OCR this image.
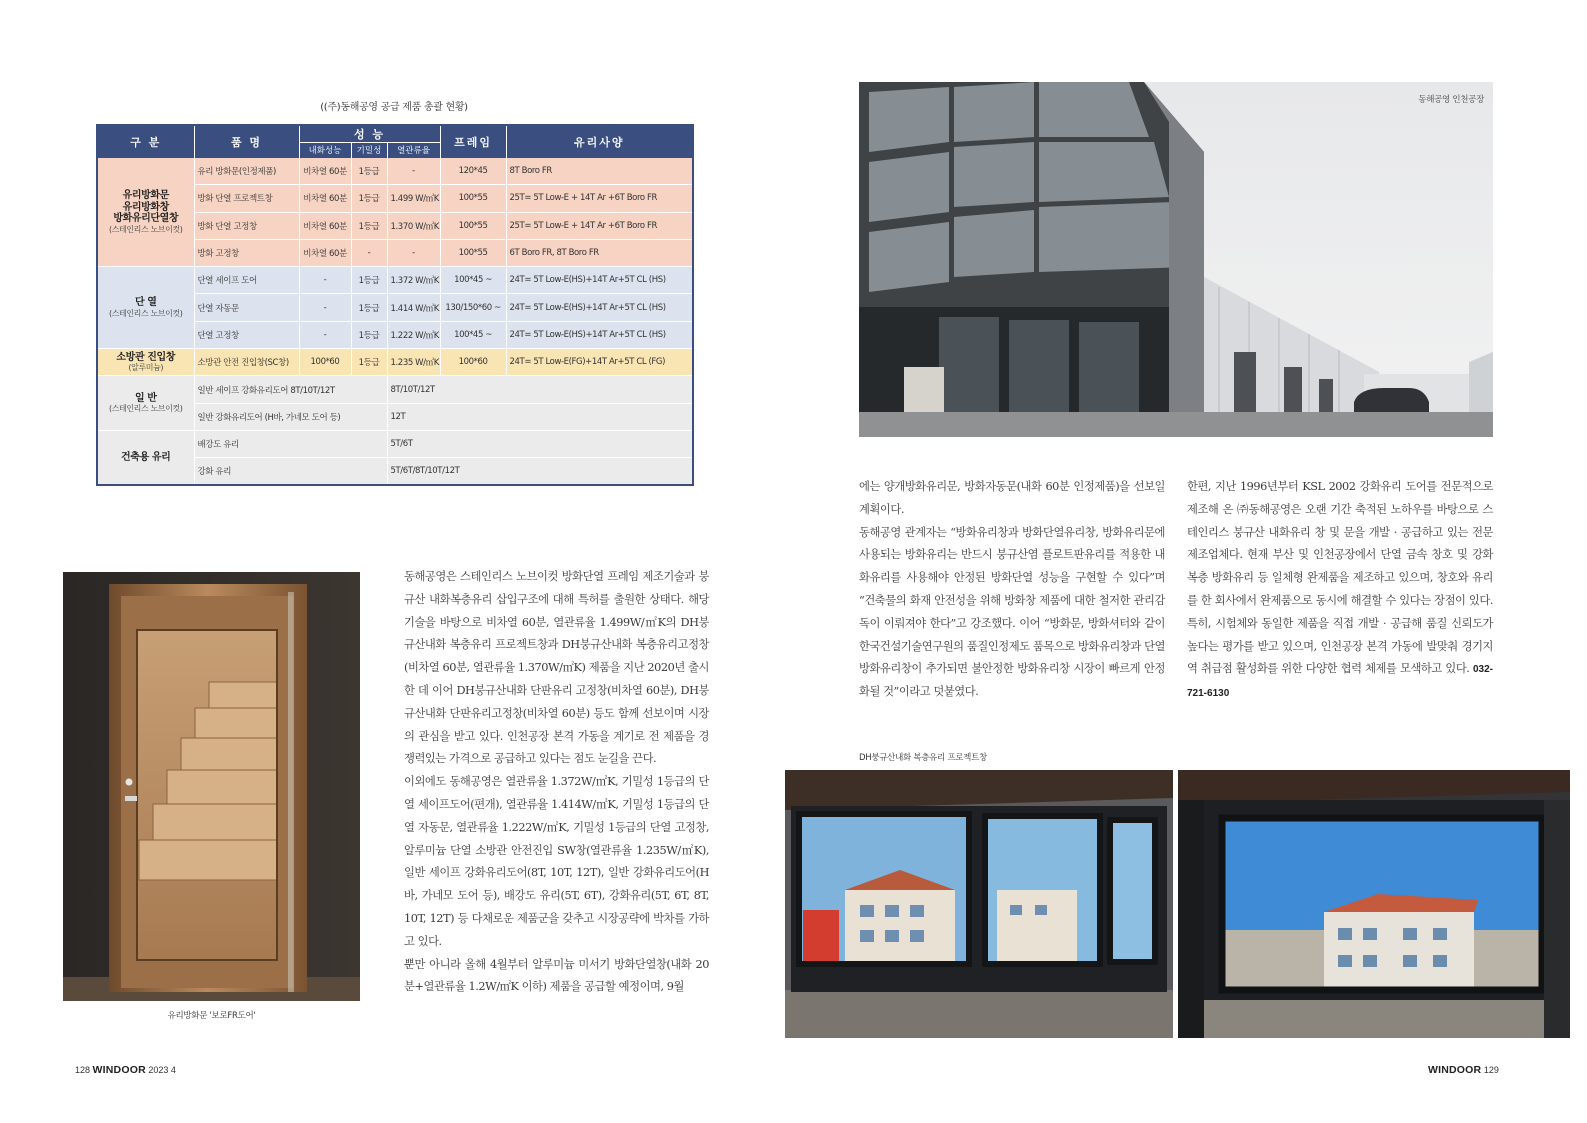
((주)동해공영 공급 제품 총괄 현황)
구 분	품 명	성 능			프레임	유리사양
		내화성능	기밀성	열관류율		
유리방화문
유리방화창
방화유리단열창
(스테인리스 노브이컷)	유리 방화문(인정제품)	비차열 60분	1등급	-	120*45	8T Boro FR
	방화 단열 프로젝트창	비차열 60분	1등급	1.499 W/㎡K	100*55	25T= 5T Low-E + 14T Ar +6T Boro FR
	방화 단열 고정창	비차열 60분	1등급	1.370 W/㎡K	100*55	25T= 5T Low-E + 14T Ar +6T Boro FR
	방화 고정창	비차열 60분	-	-	100*55	6T Boro FR, 8T Boro FR
단 열
(스테인리스 노브이컷)	단열 세이프 도어	-	1등급	1.372 W/㎡K	100*45 ~	24T= 5T Low-E(HS)+14T Ar+5T CL (HS)
	단열 자동문	-	1등급	1.414 W/㎡K	130/150*60 ~	24T= 5T Low-E(HS)+14T Ar+5T CL (HS)
	단열 고정창	-	1등급	1.222 W/㎡K	100*45 ~	24T= 5T Low-E(HS)+14T Ar+5T CL (HS)
소방관 진입창
(알루미늄)	소방관 안전 진입창(SC창)	100*60	1등급	1.235 W/㎡K	100*60	24T= 5T Low-E(FG)+14T Ar+5T CL (FG)
일 반
(스테인리스 노브이컷)	일반 세이프 강화유리도어 8T/10T/12T			8T/10T/12T		
	일반 강화유리도어 (H바, 가네모 도어 등)			12T		
건축용 유리	배강도 유리			5T/6T		
	강화 유리			5T/6T/8T/10T/12T		
유리방화문 '보로FR도어'
동해공영 인천공장
DH붕규산내화 복층유리 프로젝트창

동해공영은 스테인리스 노브이컷 방화단열 프레임 제조기술과 붕규산 내화복층유리 삽입구조에 대해 특허를 출원한 상태다. 해당 기술을 바탕으로 비차열 60분, 열관류율 1.499W/㎡K의 DH붕규산내화 복층유리 프로젝트창과 DH붕규산내화 복층유리고정창(비차열 60분, 열관류율 1.370W/㎡K) 제품을 지난 2020년 출시한 데 이어 DH붕규산내화 단판유리 고정창(비차열 60분), DH붕규산내화 단판유리고정창(비차열 60분) 등도 함께 선보이며 시장의 관심을 받고 있다. 인천공장 본격 가동을 계기로 전 제품을 경쟁력있는 가격으로 공급하고 있다는 점도 눈길을 끈다.

이외에도 동해공영은 열관류율 1.372W/㎡K, 기밀성 1등급의 단열 세이프도어(편개), 열관류율 1.414W/㎡K, 기밀성 1등급의 단열 자동문, 열관류율 1.222W/㎡K, 기밀성 1등급의 단열 고정창, 알루미늄 단열 소방관 안전진입 SW창(열관류율 1.235W/㎡K), 일반 세이프 강화유리도어(8T, 10T, 12T), 일반 강화유리도어(H바, 가네모 도어 등), 배강도 유리(5T, 6T), 강화유리(5T, 6T, 8T, 10T, 12T) 등 다채로운 제품군을 갖추고 시장공략에 박차를 가하고 있다.

뿐만 아니라 올해 4월부터 알루미늄 미서기 방화단열창(내화 20분+열관류율 1.2W/㎡K 이하) 제품을 공급할 예정이며, 9월

에는 양개방화유리문, 방화자동문(내화 60분 인정제품)을 선보일 계획이다.

동해공영 관계자는 “방화유리창과 방화단열유리창, 방화유리문에 사용되는 방화유리는 반드시 붕규산염 플로트판유리를 적용한 내화유리를 사용해야 안정된 방화단열 성능을 구현할 수 있다”며 “건축물의 화재 안전성을 위해 방화창 제품에 대한 철저한 관리감독이 이뤄져야 한다”고 강조했다. 이어 “방화문, 방화셔터와 같이 한국건설기술연구원의 품질인정제도 품목으로 방화유리창과 단열방화유리창이 추가되면 불안정한 방화유리창 시장이 빠르게 안정화될 것”이라고 덧붙였다.

한편, 지난 1996년부터 KSL 2002 강화유리 도어를 전문적으로 제조해 온 ㈜동해공영은 오랜 기간 축적된 노하우를 바탕으로 스테인리스 붕규산 내화유리 창 및 문을 개발 · 공급하고 있는 전문 제조업체다. 현재 부산 및 인천공장에서 단열 금속 창호 및 강화 복층 방화유리 등 일체형 완제품을 제조하고 있으며, 창호와 유리를 한 회사에서 완제품으로 동시에 해결할 수 있다는 장점이 있다. 특히, 시험체와 동일한 제품을 직접 개발 · 공급해 품질 신뢰도가 높다는 평가를 받고 있으며, 인천공장 본격 가동에 발맞춰 경기지역 취급점 활성화를 위한 다양한 협력 체제를 모색하고 있다. 032-721-6130

128 WINDOOR 2023 4	WINDOOR 129
